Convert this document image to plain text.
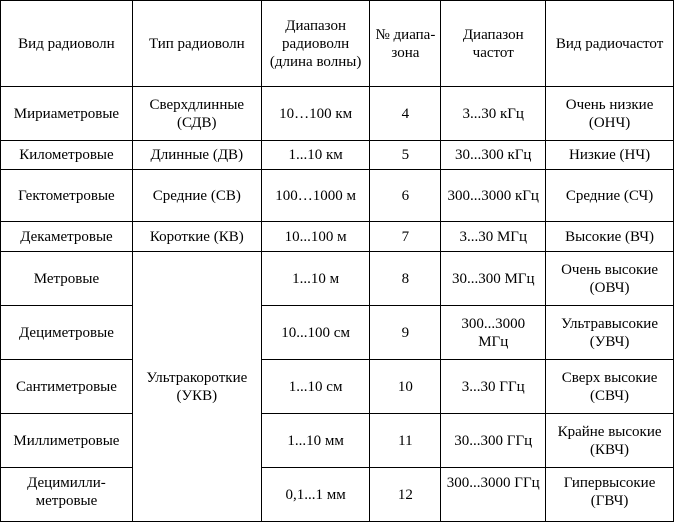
Вид радиоволн	Тип радиоволн	Диапазон радиоволн (длина волны)	№ диапа-зона	Диапазон частот	Вид радиочастот
Мириаметровые	Сверхдлинные (СДВ)	10…100 км	4	3...30 кГц	Очень низкие (ОНЧ)
Километровые	Длинные (ДВ)	1...10 км	5	30...300 кГц	Низкие (НЧ)
Гектометровые	Средние (СВ)	100…1000 м	6	300...3000 кГц	Средние (СЧ)
Декаметровые	Короткие (КВ)	10...100 м	7	3...30 МГц	Высокие (ВЧ)
Метровые	Ультракороткие (УКВ)	1...10 м	8	30...300 МГц	Очень высокие (ОВЧ)
Дециметровые		10...100 см	9	300...3000 МГц	Ультравысокие (УВЧ)
Сантиметровые		1...10 см	10	3...30 ГГц	Сверх высокие (СВЧ)
Миллиметровые		1...10 мм	11	30...300 ГГц	Крайне высокие (КВЧ)
Децимилли-метровые		0,1...1 мм	12	300...3000 ГГц	Гипервысокие (ГВЧ)
